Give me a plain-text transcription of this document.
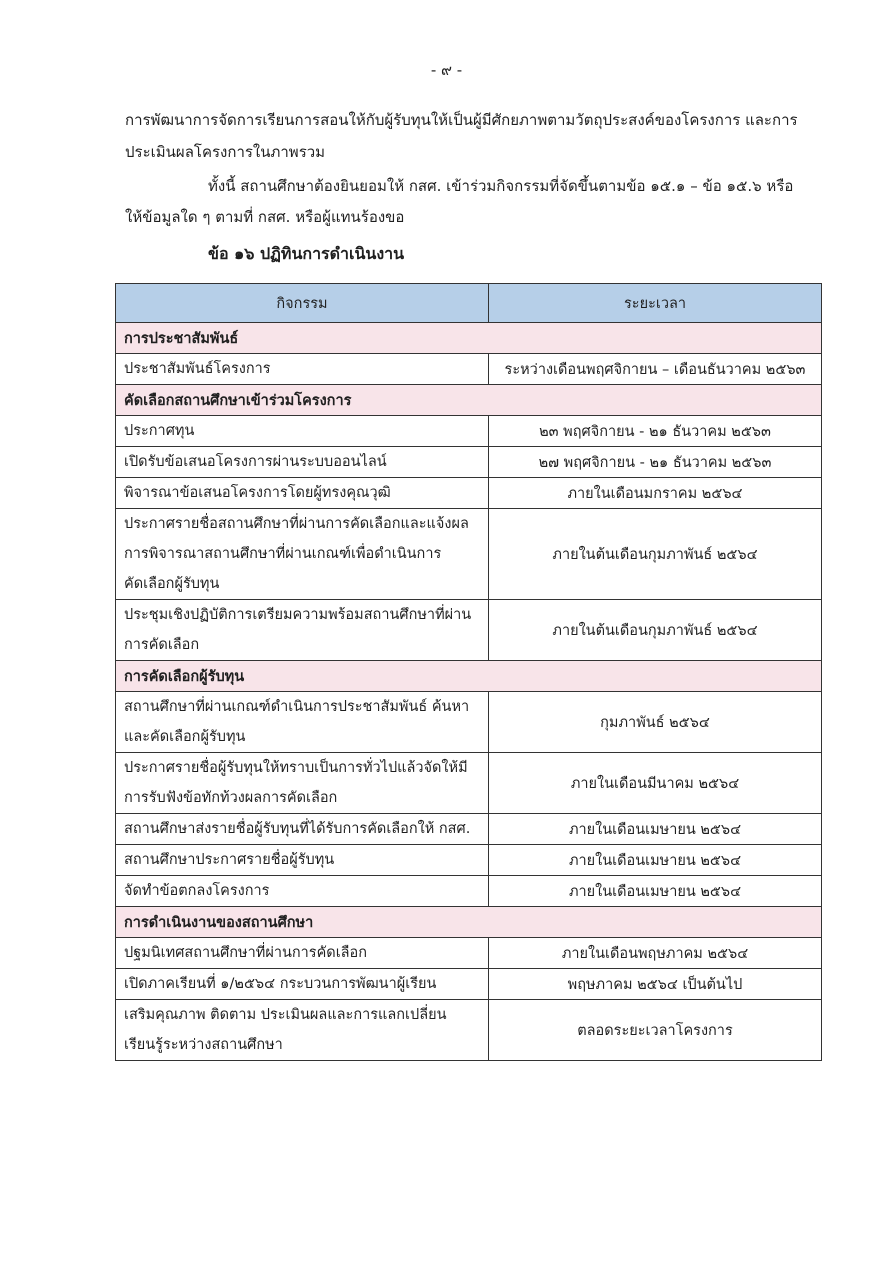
- ๙ -
การพัฒนาการจัดการเรียนการสอนให้กับผู้รับทุนให้เป็นผู้มีศักยภาพตามวัตถุประสงค์ของโครงการ และการ
ประเมินผลโครงการในภาพรวม
ทั้งนี้ สถานศึกษาต้องยินยอมให้ กสศ. เข้าร่วมกิจกรรมที่จัดขึ้นตามข้อ ๑๕.๑ – ข้อ ๑๕.๖ หรือ
ให้ข้อมูลใด ๆ ตามที่ กสศ. หรือผู้แทนร้องขอ
ข้อ ๑๖ ปฏิทินการดำเนินงาน
กิจกรรม	ระยะเวลา
การประชาสัมพันธ์	
ประชาสัมพันธ์โครงการ	ระหว่างเดือนพฤศจิกายน – เดือนธันวาคม ๒๕๖๓
คัดเลือกสถานศึกษาเข้าร่วมโครงการ	
ประกาศทุน	๒๓ พฤศจิกายน - ๒๑ ธันวาคม ๒๕๖๓
เปิดรับข้อเสนอโครงการผ่านระบบออนไลน์	๒๗ พฤศจิกายน - ๒๑ ธันวาคม ๒๕๖๓
พิจารณาข้อเสนอโครงการโดยผู้ทรงคุณวุฒิ	ภายในเดือนมกราคม ๒๕๖๔

ประกาศรายชื่อสถานศึกษาที่ผ่านการคัดเลือกและแจ้งผล
การพิจารณาสถานศึกษาที่ผ่านเกณฑ์เพื่อดำเนินการ
คัดเลือกผู้รับทุน	ภายในต้นเดือนกุมภาพันธ์ ๒๕๖๔

ประชุมเชิงปฏิบัติการเตรียมความพร้อมสถานศึกษาที่ผ่าน
การคัดเลือก	ภายในต้นเดือนกุมภาพันธ์ ๒๕๖๔
การคัดเลือกผู้รับทุน	

สถานศึกษาที่ผ่านเกณฑ์ดำเนินการประชาสัมพันธ์ ค้นหา
และคัดเลือกผู้รับทุน	กุมภาพันธ์ ๒๕๖๔

ประกาศรายชื่อผู้รับทุนให้ทราบเป็นการทั่วไปแล้วจัดให้มี
การรับฟังข้อทักท้วงผลการคัดเลือก	ภายในเดือนมีนาคม ๒๕๖๔
สถานศึกษาส่งรายชื่อผู้รับทุนที่ได้รับการคัดเลือกให้ กสศ.	ภายในเดือนเมษายน ๒๕๖๔
สถานศึกษาประกาศรายชื่อผู้รับทุน	ภายในเดือนเมษายน ๒๕๖๔
จัดทำข้อตกลงโครงการ	ภายในเดือนเมษายน ๒๕๖๔
การดำเนินงานของสถานศึกษา	
ปฐมนิเทศสถานศึกษาที่ผ่านการคัดเลือก	ภายในเดือนพฤษภาคม ๒๕๖๔
เปิดภาคเรียนที่ ๑/๒๕๖๔ กระบวนการพัฒนาผู้เรียน	พฤษภาคม ๒๕๖๔ เป็นต้นไป

เสริมคุณภาพ ติดตาม ประเมินผลและการแลกเปลี่ยน
เรียนรู้ระหว่างสถานศึกษา	ตลอดระยะเวลาโครงการ
